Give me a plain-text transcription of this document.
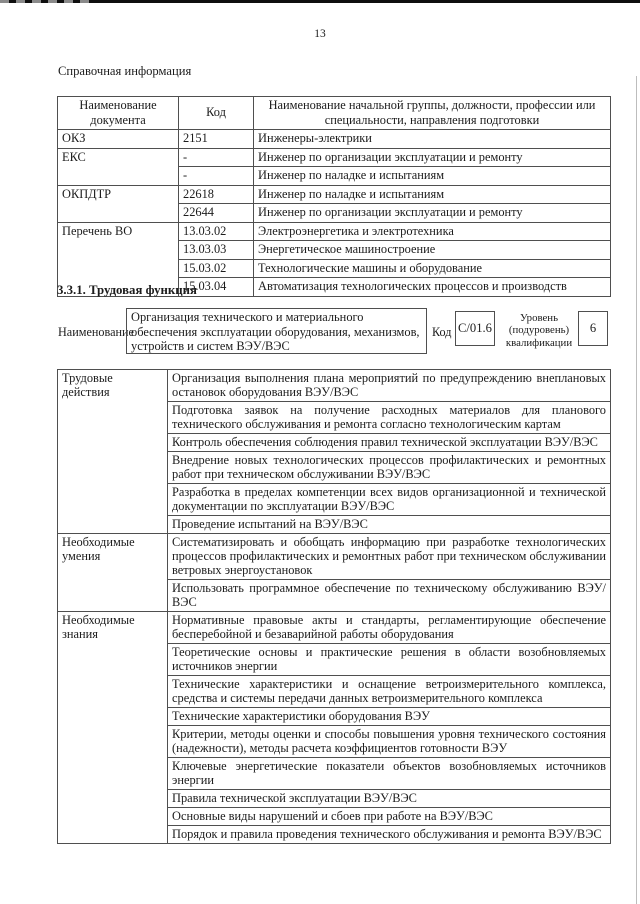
13
Справочная информация
Наименование документа	Код	Наименование начальной группы, должности, профессии или специальности, направления подготовки
ОКЗ	2151	Инженеры-электрики
ЕКС	-	Инженер по организации эксплуатации и ремонту
	-	Инженер по наладке и испытаниям
ОКПДТР	22618	Инженер по наладке и испытаниям
	22644	Инженер по организации эксплуатации и ремонту
Перечень ВО	13.03.02	Электроэнергетика и электротехника
	13.03.03	Энергетическое машиностроение
	15.03.02	Технологические машины и оборудование
	15.03.04	Автоматизация технологических процессов и производств
3.3.1. Трудовая функция
Наименование
Организация технического и материального обеспечения эксплуатации оборудования, механизмов, устройств и систем ВЭУ/ВЭС
Код С/01.6
Уровень (подуровень) квалификации
6
Трудовые действия	Организация выполнения плана мероприятий по предупреждению внеплановых остановок оборудования ВЭУ/ВЭС
	Подготовка заявок на получение расходных материалов для планового технического обслуживания и ремонта согласно технологическим картам
	Контроль обеспечения соблюдения правил технической эксплуатации ВЭУ/ВЭС
	Внедрение новых технологических процессов профилактических и ремонтных работ при техническом обслуживании ВЭУ/ВЭС
	Разработка в пределах компетенции всех видов организационной и технической документации по эксплуатации ВЭУ/ВЭС
	Проведение испытаний на ВЭУ/ВЭС
Необходимые умения	Систематизировать и обобщать информацию при разработке технологических процессов профилактических и ремонтных работ при техническом обслуживании ветровых энергоустановок
	Использовать программное обеспечение по техническому обслуживанию ВЭУ/ВЭС
Необходимые знания	Нормативные правовые акты и стандарты, регламентирующие обеспечение бесперебойной и безаварийной работы оборудования
	Теоретические основы и практические решения в области возобновляемых источников энергии
	Технические характеристики и оснащение ветроизмерительного комплекса, средства и системы передачи данных ветроизмерительного комплекса
	Технические характеристики оборудования ВЭУ
	Критерии, методы оценки и способы повышения уровня технического состояния (надежности), методы расчета коэффициентов готовности ВЭУ
	Ключевые энергетические показатели объектов возобновляемых источников энергии
	Правила технической эксплуатации ВЭУ/ВЭС
	Основные виды нарушений и сбоев при работе на ВЭУ/ВЭС
	Порядок и правила проведения технического обслуживания и ремонта ВЭУ/ВЭС
